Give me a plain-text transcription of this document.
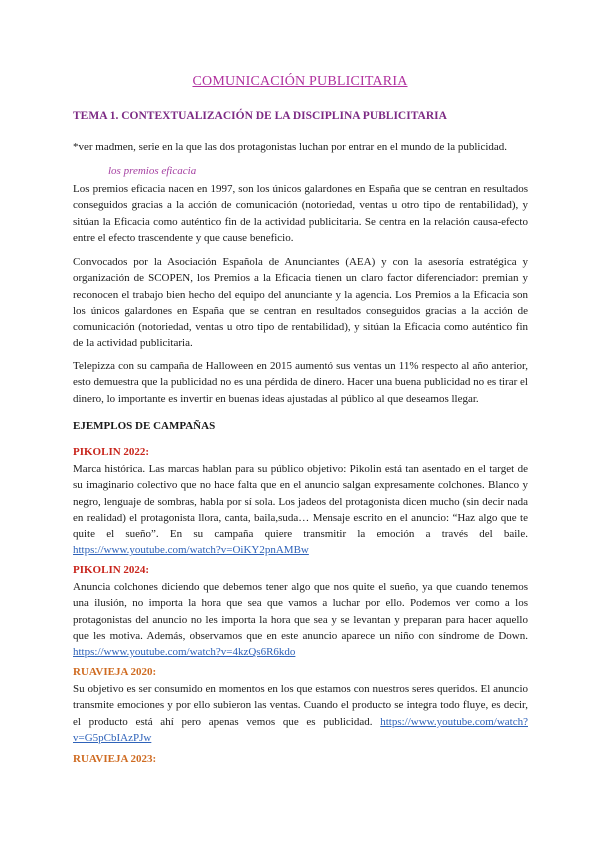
COMUNICACIÓN PUBLICITARIA
TEMA 1. CONTEXTUALIZACIÓN DE LA DISCIPLINA PUBLICITARIA

*ver madmen, serie en la que las dos protagonistas luchan por entrar en el mundo de la publicidad.

los premios eficacia

Los premios eficacia nacen en 1997, son los únicos galardones en España que se centran en resultados conseguidos gracias a la acción de comunicación (notoriedad, ventas u otro tipo de rentabilidad), y sitúan la Eficacia como auténtico fin de la actividad publicitaria. Se centra en la relación causa-efecto entre el efecto trascendente y que cause beneficio.

Convocados por la Asociación Española de Anunciantes (AEA) y con la asesoría estratégica y organización de SCOPEN, los Premios a la Eficacia tienen un claro factor diferenciador: premian y reconocen el trabajo bien hecho del equipo del anunciante y la agencia. Los Premios a la Eficacia son los únicos galardones en España que se centran en resultados conseguidos gracias a la acción de comunicación (notoriedad, ventas u otro tipo de rentabilidad), y sitúan la Eficacia como auténtico fin de la actividad publicitaria.

Telepizza con su campaña de Halloween en 2015 aumentó sus ventas un 11% respecto al año anterior, esto demuestra que la publicidad no es una pérdida de dinero. Hacer una buena publicidad no es tirar el dinero, lo importante es invertir en buenas ideas ajustadas al público al que deseamos llegar.

EJEMPLOS DE CAMPAÑAS
PIKOLIN 2022:

Marca histórica. Las marcas hablan para su público objetivo: Pikolin está tan asentado en el target de su imaginario colectivo que no hace falta que en el anuncio salgan expresamente colchones. Blanco y negro, lenguaje de sombras, habla por sí sola. Los jadeos del protagonista dicen mucho (sin decir nada en realidad) el protagonista llora, canta, baila,suda… Mensaje escrito en el anuncio: “Haz algo que te quite el sueño”. En su campaña quiere transmitir la emoción a través del baile. https://www.youtube.com/watch?v=OiKY2pnAMBw

PIKOLIN 2024:

Anuncia colchones diciendo que debemos tener algo que nos quite el sueño, ya que cuando tenemos una ilusión, no importa la hora que sea que vamos a luchar por ello. Podemos ver como a los protagonistas del anuncio no les importa la hora que sea y se levantan y preparan para hacer aquello que les motiva. Además, observamos que en este anuncio aparece un niño con síndrome de Down. https://www.youtube.com/watch?v=4kzQs6R6kdo

RUAVIEJA 2020:

Su objetivo es ser consumido en momentos en los que estamos con nuestros seres queridos. El anuncio transmite emociones y por ello subieron las ventas. Cuando el producto se integra todo fluye, es decir, el producto está ahí pero apenas vemos que es publicidad. https://www.youtube.com/watch?v=G5pCbIAzPJw

RUAVIEJA 2023:
